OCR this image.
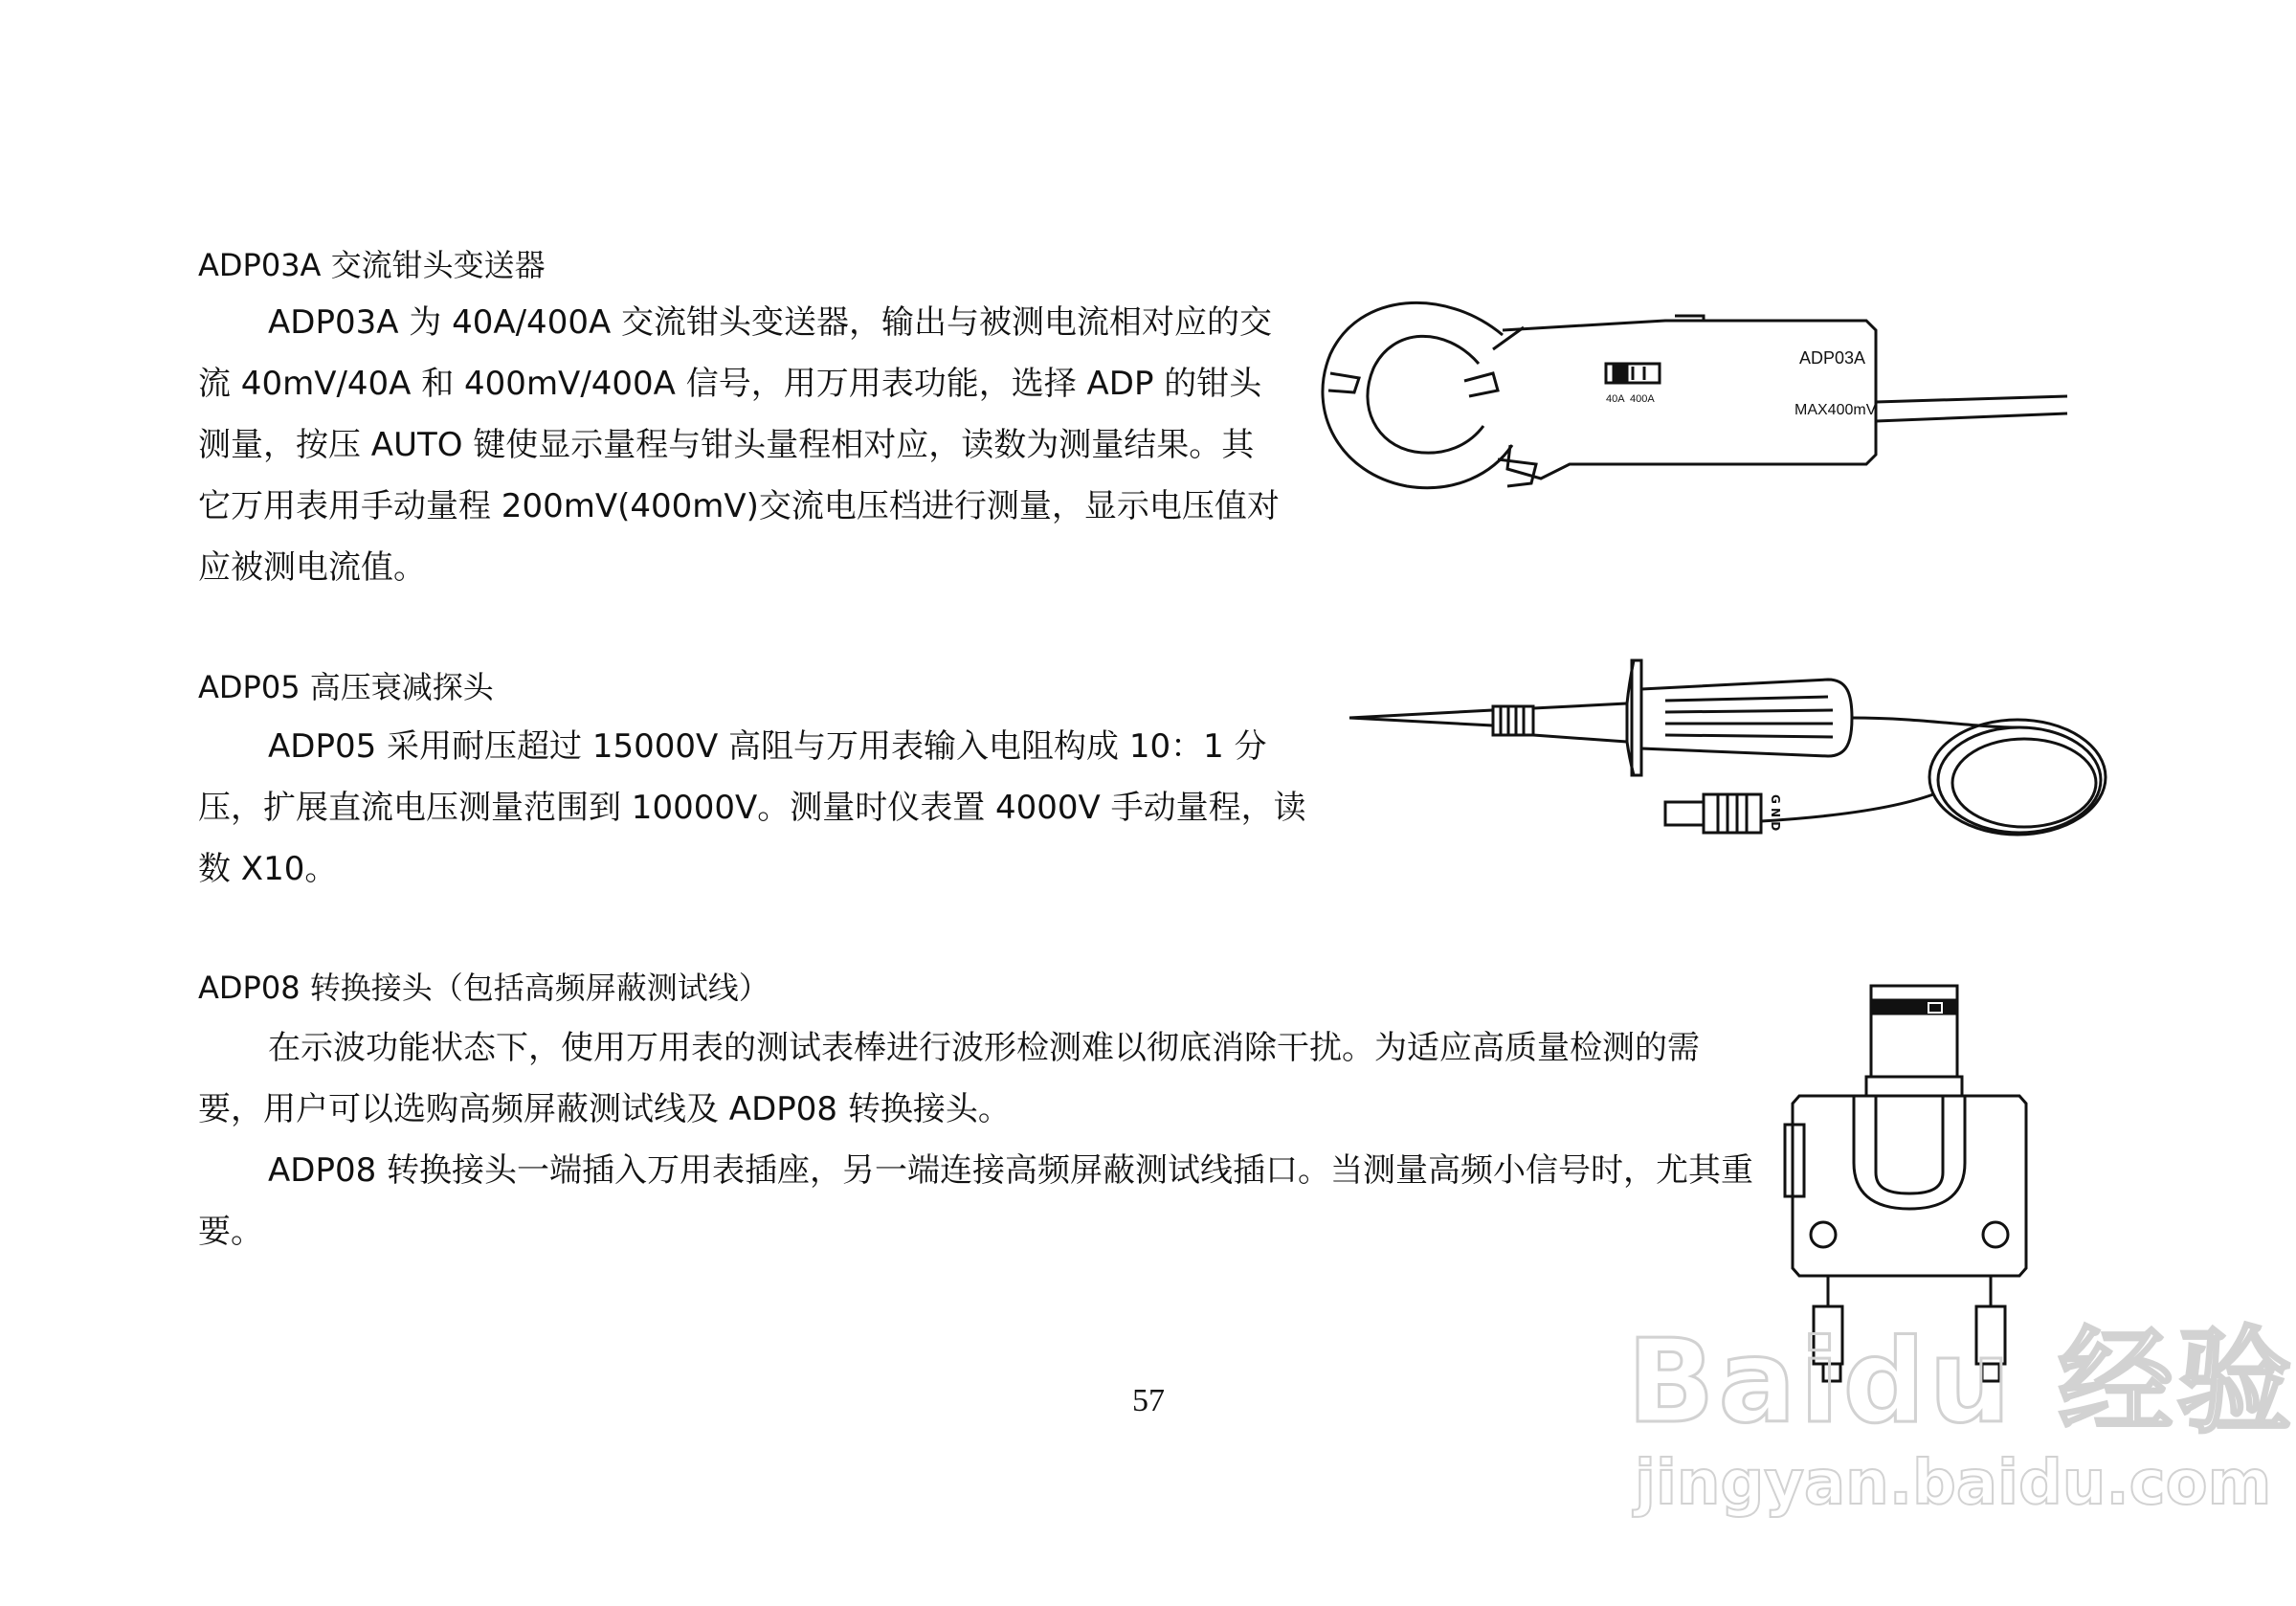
ADP03A 交流钳头变送器

ADP03A 为 40A/400A 交流钳头变送器，输出与被测电流相对应的交流 40mV/40A 和 400mV/400A 信号，用万用表功能，选择 ADP 的钳头测量，按压 AUTO 键使显示量程与钳头量程相对应，读数为测量结果。其它万用表用手动量程 200mV(400mV)交流电压档进行测量，显示电压值对应被测电流值。

ADP03A
40A 400A
MAX400mV
ADP05 高压衰减探头

ADP05 采用耐压超过 15000V 高阻与万用表输入电阻构成 10：1 分压，扩展直流电压测量范围到 10000V。测量时仪表置 4000V 手动量程，读数 X10。

ADP08 转换接头（包括高频屏蔽测试线）

在示波功能状态下，使用万用表的测试表棒进行波形检测难以彻底消除干扰。为适应高质量检测的需要，用户可以选购高频屏蔽测试线及 ADP08 转换接头。

ADP08 转换接头一端插入万用表插座，另一端连接高频屏蔽测试线插口。当测量高频小信号时，尤其重要。

G N D
57	Baidu 经验
jingyan.baidu.com
